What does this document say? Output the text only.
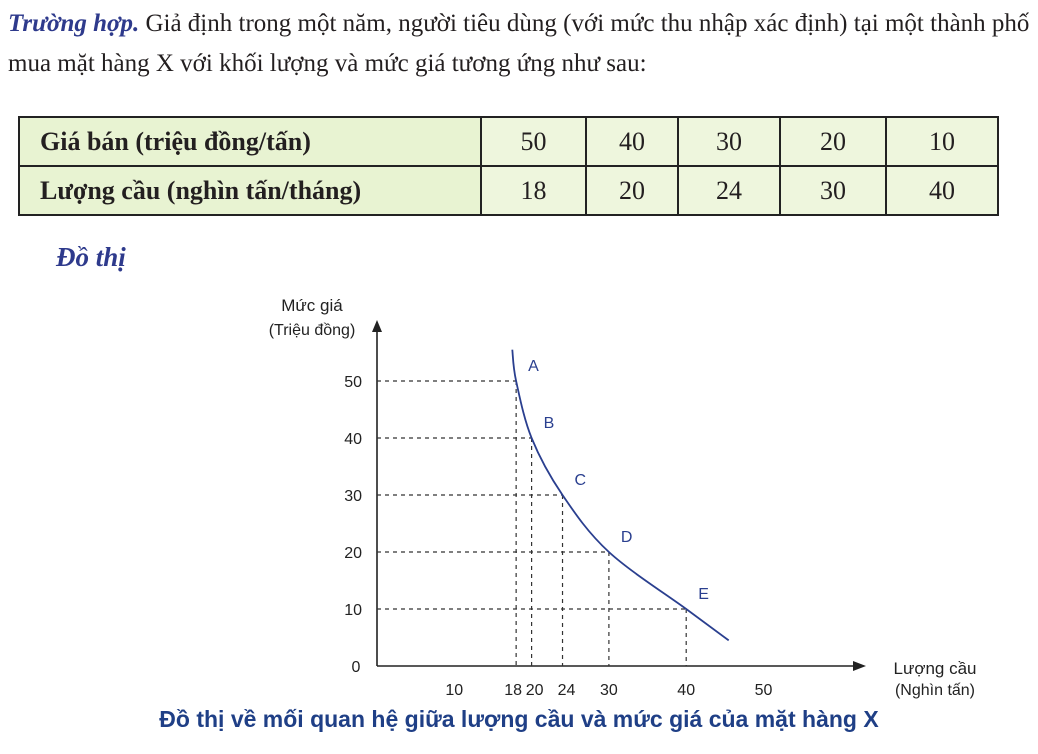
Trường hợp. Giả định trong một năm, người tiêu dùng (với mức thu nhập xác định) tại một thành phố mua mặt hàng X với khối lượng và mức giá tương ứng như sau:
Giá bán (triệu đồng/tấn)	50	40	30	20	10
Lượng cầu (nghìn tấn/tháng)	18	20	24	30	40
Đồ thị
Mức giá
(Triệu đồng)
Lượng cầu
(Nghìn tấn)
0
10
20
30
40
50
10	18 20 24 30	40	50
A
B
C
D
E
Đồ thị về mối quan hệ giữa lượng cầu và mức giá của mặt hàng X
